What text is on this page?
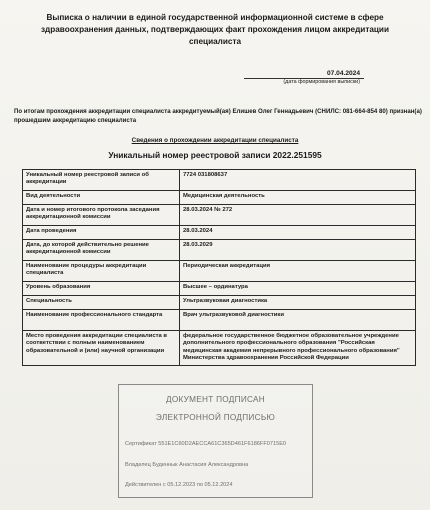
Выписка о наличии в единой государственной информационной системе в сфере здравоохранения данных, подтверждающих факт прохождения лицом аккредитации специалиста
07.04.2024
(дата формирования выписки)
По итогам прохождения аккредитации специалиста аккредитуемый(ая) Елишев Олег Геннадьевич (СНИЛС: 081-664-854 80) признан(а) прошедшим аккредитацию специалиста
Сведения о прохождении аккредитации специалиста
Уникальный номер реестровой записи 2022.251595
Уникальный номер реестровой записи об аккредитации	7724 031808637
Вид деятельности	Медицинская деятельность
Дата и номер итогового протокола заседания аккредитационной комиссии	28.03.2024 № 272
Дата проведения	28.03.2024
Дата, до которой действительно решение аккредитационной комиссии	28.03.2029
Наименование процедуры аккредитации специалиста	Периодическая аккредитация
Уровень образования	Высшее – ординатура
Специальность	Ультразвуковая диагностика
Наименование профессионального стандарта	Врач ультразвуковой диагностики
Место проведения аккредитации специалиста в соответствии с полным наименованием образовательной и (или) научной организации	федеральное государственное бюджетное образовательное учреждение дополнительного профессионального образования "Российская медицинская академия непрерывного профессионального образования" Министерства здравоохранения Российской Федерации
ДОКУМЕНТ ПОДПИСАН
ЭЛЕКТРОННОЙ ПОДПИСЬЮ
Сертификат 551E1C60D2AECCA61C365D461F6186FF0715E0
Владелец Буденнык Анастасия Александровна
Действителен с 05.12.2023 по 05.12.2024
